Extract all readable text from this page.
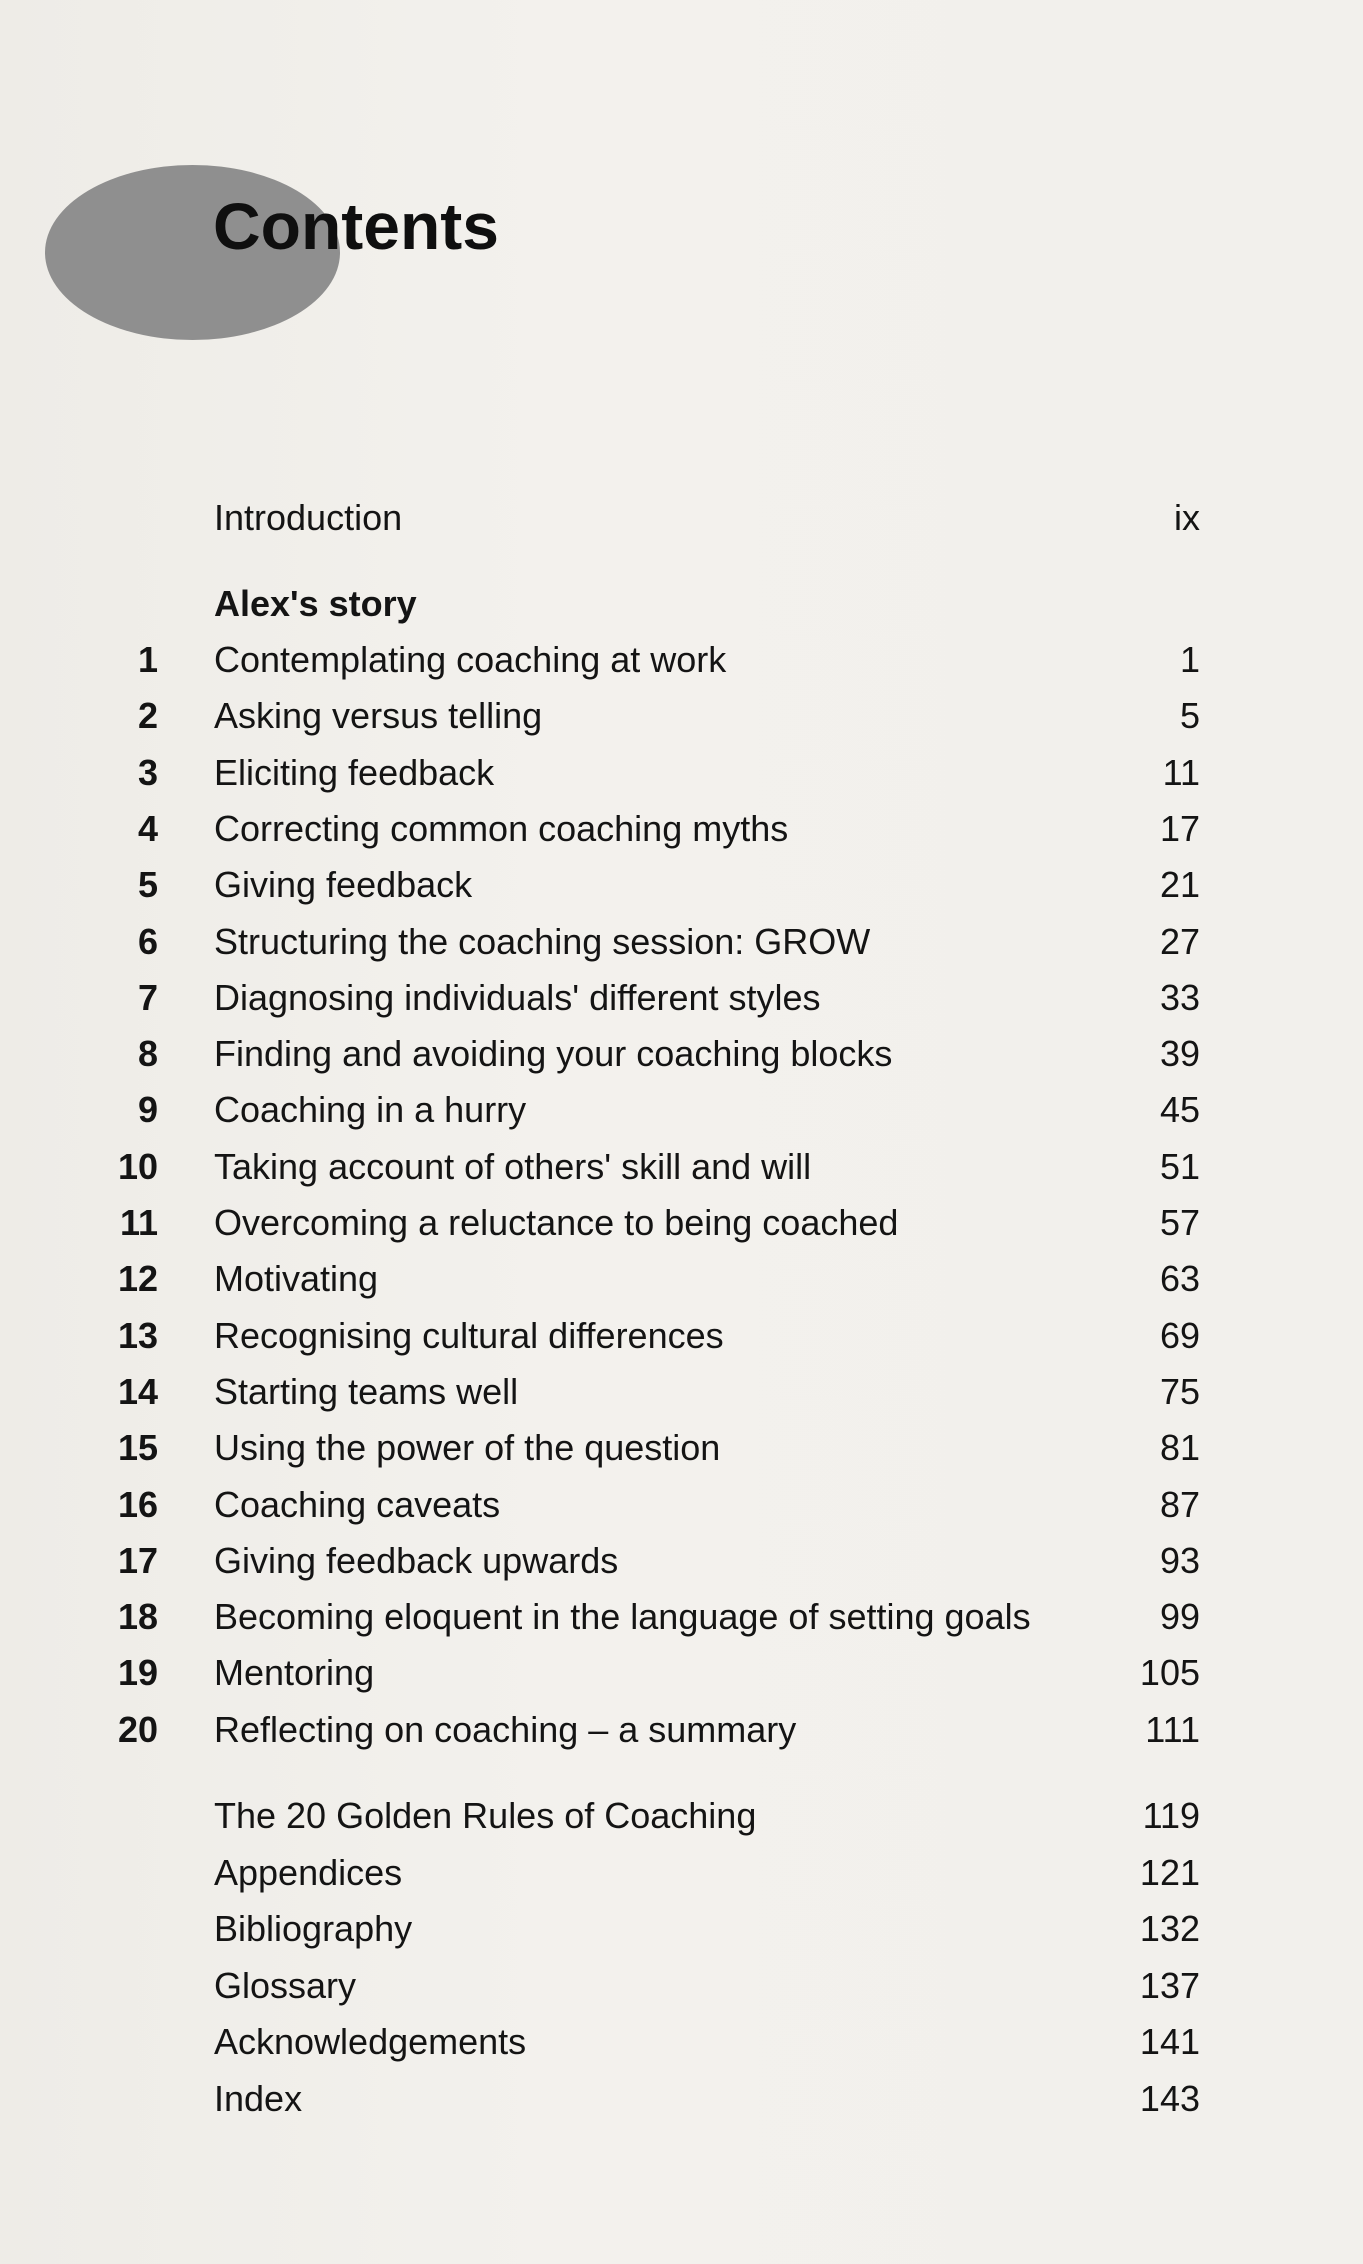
Contents
Introduction	ix
Alex's story
1 Contemplating coaching at work	1
2 Asking versus telling	5
3 Eliciting feedback	11
4 Correcting common coaching myths	17
5 Giving feedback	21
6 Structuring the coaching session: GROW	27
7 Diagnosing individuals' different styles	33
8 Finding and avoiding your coaching blocks	39
9 Coaching in a hurry	45
10 Taking account of others' skill and will	51
11 Overcoming a reluctance to being coached	57
12 Motivating	63
13 Recognising cultural differences	69
14 Starting teams well	75
15 Using the power of the question	81
16 Coaching caveats	87
17 Giving feedback upwards	93
18 Becoming eloquent in the language of setting goals	99
19 Mentoring	105
20 Reflecting on coaching – a summary	111
The 20 Golden Rules of Coaching	119
Appendices	121
Bibliography	132
Glossary	137
Acknowledgements	141
Index	143
